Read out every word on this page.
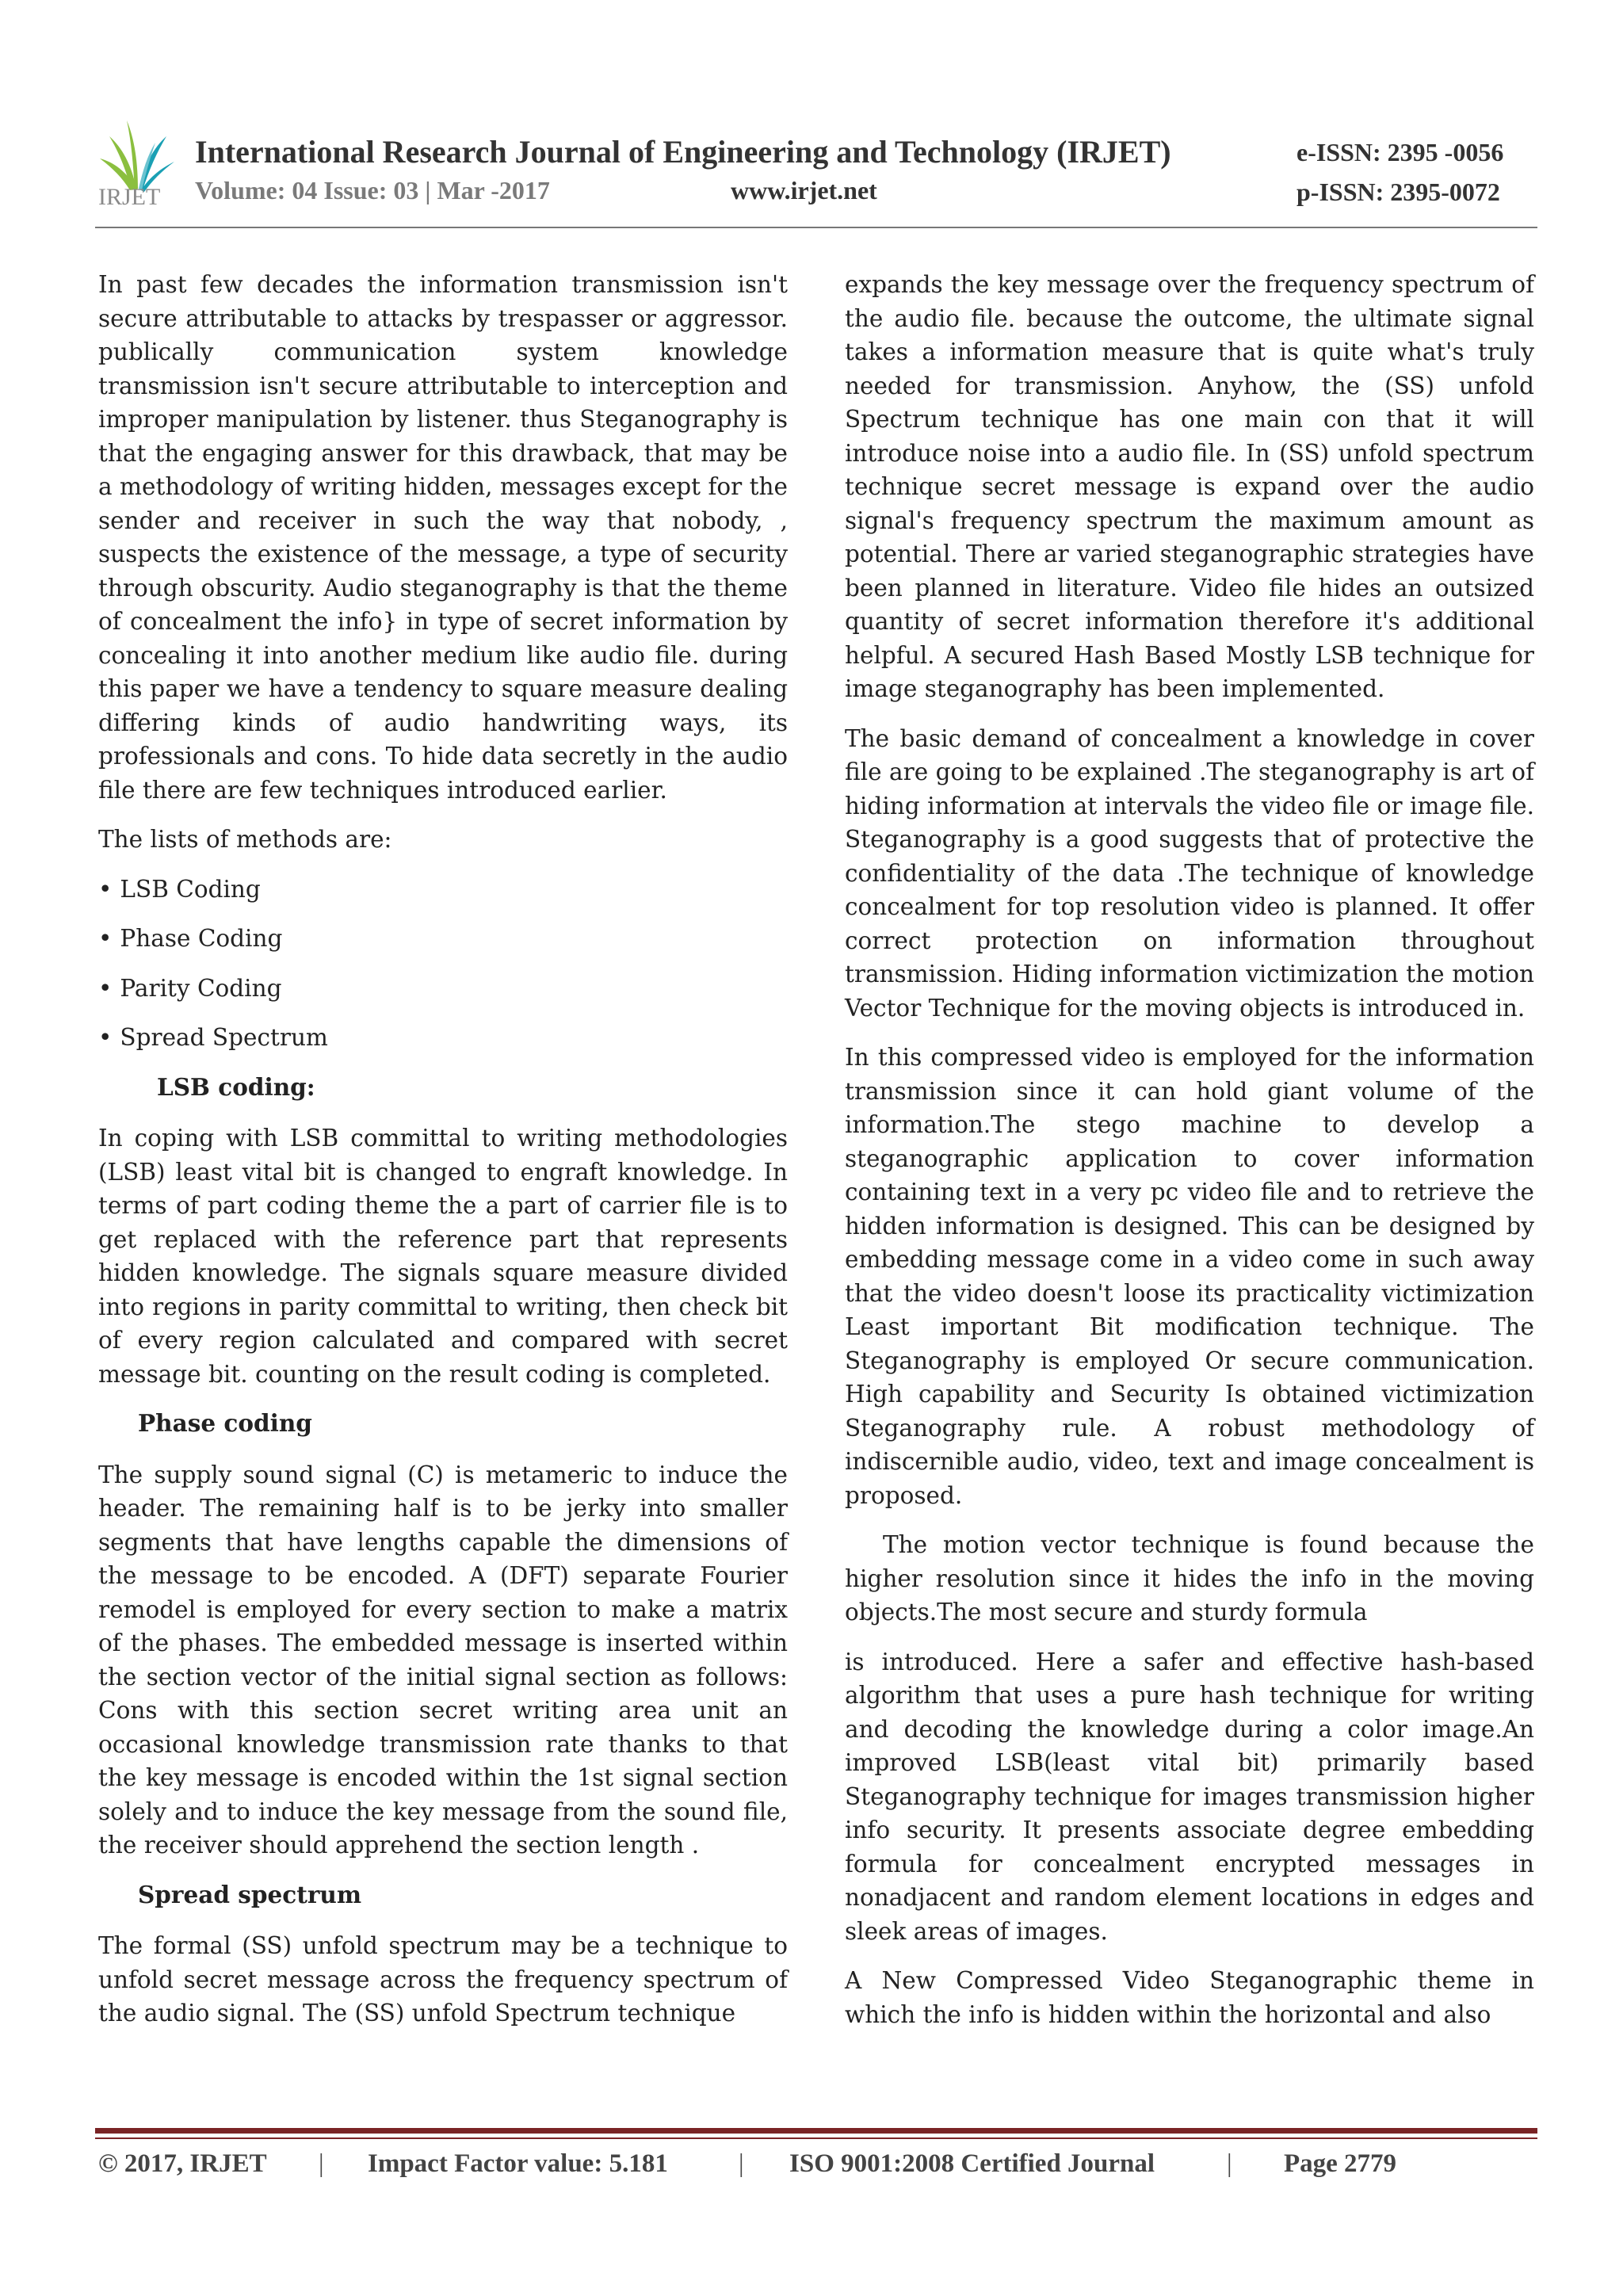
IRJET
International Research Journal of Engineering and Technology (IRJET)
Volume: 04 Issue: 03 | Mar -2017	www.irjet.net
e-ISSN: 2395 -0056
p-ISSN: 2395-0072

In past few decades the information transmission isn't secure attributable to attacks by trespasser or aggressor. publically communication system knowledge transmission isn't secure attributable to interception and improper manipulation by listener. thus Steganography is that the engaging answer for this drawback, that may be a methodology of writing hidden, messages except for the sender and receiver in such the way that nobody, , suspects the existence of the message, a type of security through obscurity. Audio steganography is that the theme of concealment the info} in type of secret information by concealing it into another medium like audio file. during this paper we have a tendency to square measure dealing differing kinds of audio handwriting ways, its professionals and cons. To hide data secretly in the audio file there are few techniques introduced earlier.

The lists of methods are:

• LSB Coding
• Phase Coding
• Parity Coding
• Spread Spectrum
LSB coding:

In coping with LSB committal to writing methodologies (LSB) least vital bit is changed to engraft knowledge. In terms of part coding theme the a part of carrier file is to get replaced with the reference part that represents hidden knowledge. The signals square measure divided into regions in parity committal to writing, then check bit of every region calculated and compared with secret message bit. counting on the result coding is completed.

Phase coding

The supply sound signal (C) is metameric to induce the header. The remaining half is to be jerky into smaller segments that have lengths capable the dimensions of the message to be encoded. A (DFT) separate Fourier remodel is employed for every section to make a matrix of the phases. The embedded message is inserted within the section vector of the initial signal section as follows: Cons with this section secret writing area unit an occasional knowledge transmission rate thanks to that the key message is encoded within the 1st signal section solely and to induce the key message from the sound file, the receiver should apprehend the section length .

Spread spectrum

The formal (SS) unfold spectrum may be a technique to unfold secret message across the frequency spectrum of the audio signal. The (SS) unfold Spectrum technique

expands the key message over the frequency spectrum of the audio file. because the outcome, the ultimate signal takes a information measure that is quite what's truly needed for transmission. Anyhow, the (SS) unfold Spectrum technique has one main con that it will introduce noise into a audio file. In (SS) unfold spectrum technique secret message is expand over the audio signal's frequency spectrum the maximum amount as potential. There ar varied steganographic strategies have been planned in literature. Video file hides an outsized quantity of secret information therefore it's additional helpful. A secured Hash Based Mostly LSB technique for image steganography has been implemented.

The basic demand of concealment a knowledge in cover file are going to be explained .The steganography is art of hiding information at intervals the video file or image file. Steganography is a good suggests that of protective the confidentiality of the data .The technique of knowledge concealment for top resolution video is planned. It offer correct protection on information throughout transmission. Hiding information victimization the motion Vector Technique for the moving objects is introduced in.

In this compressed video is employed for the information transmission since it can hold giant volume of the information.The stego machine to develop a steganographic application to cover information containing text in a very pc video file and to retrieve the hidden information is designed. This can be designed by embedding message come in a video come in such away that the video doesn't loose its practicality victimization Least important Bit modification technique. The Steganography is employed Or secure communication. High capability and Security Is obtained victimization Steganography rule. A robust methodology of indiscernible audio, video, text and image concealment is proposed.

The motion vector technique is found because the higher resolution since it hides the info in the moving objects.The most secure and sturdy formula

is introduced. Here a safer and effective hash-based algorithm that uses a pure hash technique for writing and decoding the knowledge during a color image.An improved LSB(least vital bit) primarily based Steganography technique for images transmission higher info security. It presents associate degree embedding formula for concealment encrypted messages in nonadjacent and random element locations in edges and sleek areas of images.

A New Compressed Video Steganographic theme in which the info is hidden within the horizontal and also

© 2017, IRJET | Impact Factor value: 5.181	| ISO 9001:2008 Certified Journal	| Page 2779
